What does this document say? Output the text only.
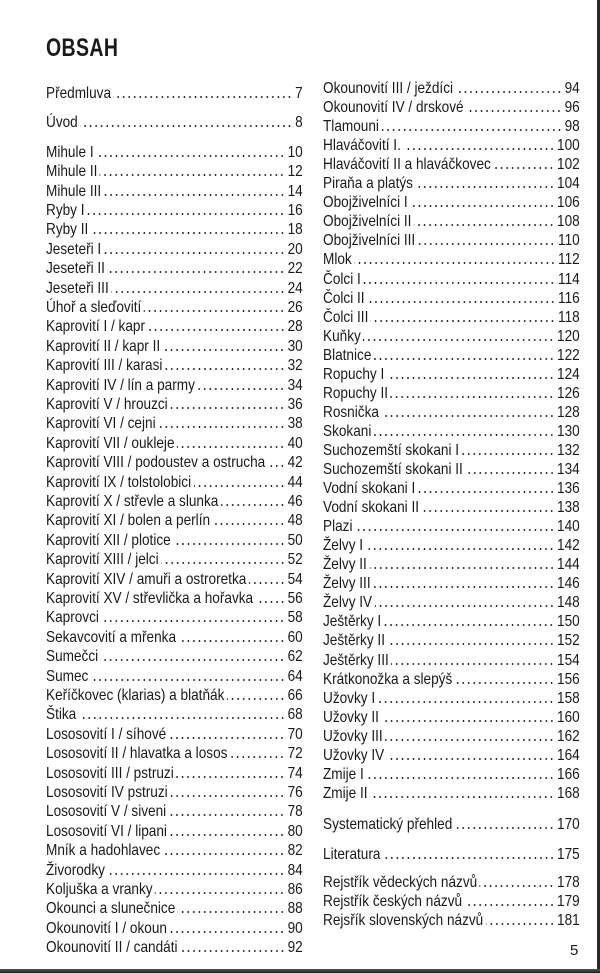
OBSAH
Předmluva	7
Úvod	8
Mihule I	10
Mihule II	12
Mihule III	14
Ryby I	16
Ryby II	18
Jeseteři I	20
Jeseteři II	22
Jeseteři III	24
Úhoř a sleďovití	26
Kaprovití I / kapr	28
Kaprovití II / kapr II	30
Kaprovití III / karasi	32
Kaprovití IV / lín a parmy	34
Kaprovití V / hrouzci	36
Kaprovití VI / cejni	38
Kaprovití VII / oukleje	40
Kaprovití VIII / podoustev a ostrucha 42
Kaprovití IX / tolstolobici	44
Kaprovití X / střevle a slunka	46
Kaprovití XI / bolen a perlín	48
Kaprovití XII / plotice	50
Kaprovití XIII / jelci	52
Kaprovití XIV / amuři a ostroretka	54
Kaprovití XV / střevlička a hořavka 56
Kaprovci	58
Sekavcovití a mřenka	60
Sumečci	62
Sumec	64
Keříčkovec (klarias) a blatňák	66
Štika	68
Lososovití I / síhové	70
Lososovití II / hlavatka a losos	72
Lososovití III / pstruzi	74
Lososovití IV pstruzi	76
Lososovití V / siveni	78
Lososovití VI / lipani	80
Mník a hadohlavec	82
Živorodky	84
Koljuška a vranky	86
Okounci a slunečnice	88
Okounovití I / okoun	90
Okounovití II / candáti	92
Okounovití III / ježdíci	94
Okounovití IV / drskové	96
Tlamouni	98
Hlaváčovití I.	100
Hlaváčovití II a hlaváčkovec	102
Piraňa a platýs	104
Obojživelníci I	106
Obojživelníci II	108
Obojživelníci III	110
Mlok	112
Čolci I	114
Čolci II	116
Čolci III	118
Kuňky	120
Blatnice	122
Ropuchy I	124
Ropuchy II	126
Rosnička	128
Skokani	130
Suchozemští skokani I	132
Suchozemští skokani II	134
Vodní skokani I	136
Vodní skokani II	138
Plazi	140
Želvy I	142
Želvy II	144
Želvy III	146
Želvy IV	148
Ještěrky I	150
Ještěrky II	152
Ještěrky III	154
Krátkonožka a slepýš	156
Užovky I	158
Užovky II	160
Užovky III	162
Užovky IV	164
Zmije I	166
Zmije II	168
Systematický přehled	170
Literatura	175
Rejstřík vědeckých názvů	178
Rejstřík českých názvů	179
Rejsřík slovenských názvů	181
5
